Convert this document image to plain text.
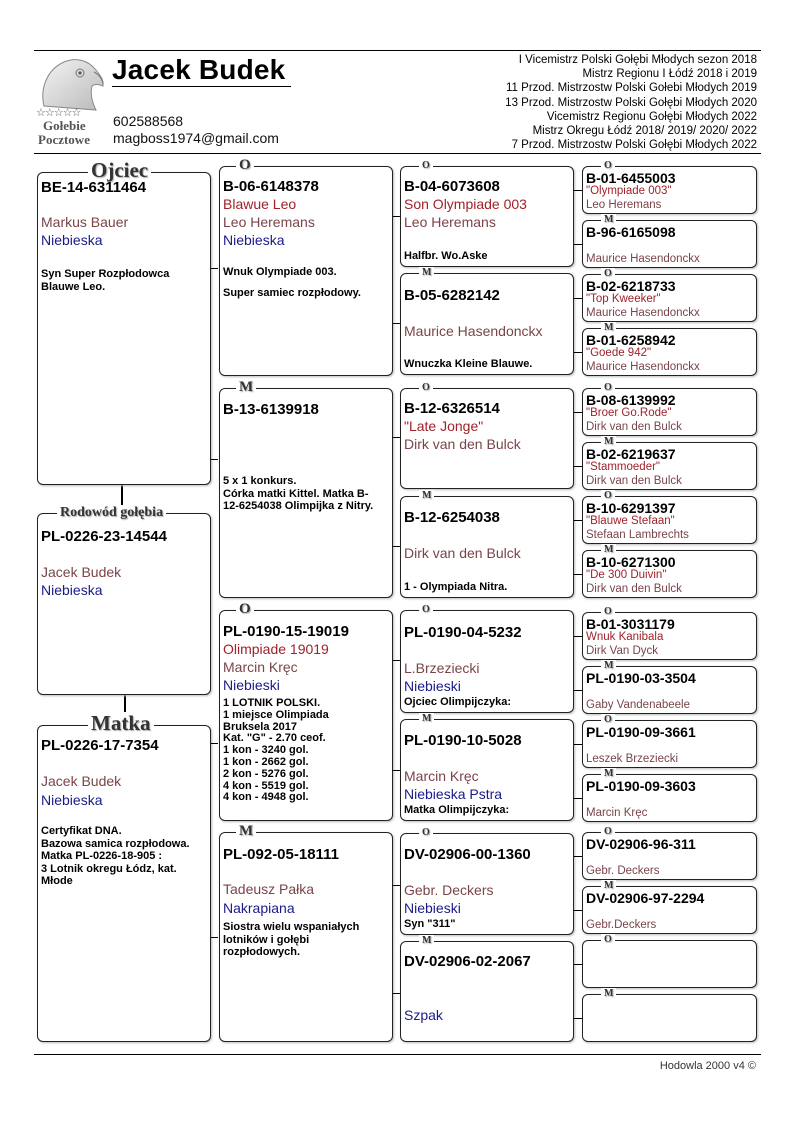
☆☆☆☆☆
Gołebie
Pocztowe
Jacek Budek
602588568
magboss1974@gmail.com
I Vicemistrz Polski Gołębi Młodych sezon 2018
Mistrz Regionu I Łódź 2018 i 2019
11 Przod. Mistrzostw Polski Gołebi Młodych 2019
13 Przod. Mistrzostw Polski Gołębi Młodych 2020
Vicemistrz Regionu Gołębi Młodych 2022
Mistrz Okregu Łódź 2018/ 2019/ 2020/ 2022
7 Przod. Mistrzostw Polski Gołębi Młodych 2022
Ojciec
BE-14-6311464
Markus Bauer
Niebieska
Syn Super Rozpłodowca
Blauwe Leo.
Rodowód gołębia
PL-0226-23-14544
Jacek Budek
Niebieska
Matka
PL-0226-17-7354
Jacek Budek
Niebieska
Certyfikat DNA.
Bazowa samica rozpłodowa.
Matka PL-0226-18-905 :
3 Lotnik okregu Łódz, kat.
Młode
O
B-06-6148378
Blawue Leo
Leo Heremans
Niebieska
Wnuk Olympiade 003.
Super samiec rozpłodowy.
M
B-13-6139918
5 x 1 konkurs.
Córka matki Kittel. Matka B-
12-6254038 Olimpijka z Nitry.
O
PL-0190-15-19019
Olimpiade 19019
Marcin Kręc
Niebieski
1 LOTNIK POLSKI.
1 miejsce Olimpiada
Bruksela 2017
Kat. "G" - 2.70 ceof.
1 kon - 3240 gol.
1 kon - 2662 gol.
2 kon - 5276 gol.
4 kon - 5519 gol.
4 kon - 4948 gol.
M
PL-092-05-18111
Tadeusz Pałka
Nakrapiana
Siostra wielu wspaniałych
lotników i gołębi
rozpłodowych.
O
B-04-6073608
Son Olympiade 003
Leo Heremans
Halfbr. Wo.Aske
M
B-05-6282142
Maurice Hasendonckx
Wnuczka Kleine Blauwe.
O
B-12-6326514
"Late Jonge"
Dirk van den Bulck
M
B-12-6254038
Dirk van den Bulck
1 - Olympiada Nitra.
O
PL-0190-04-5232
L.Brzeziecki
Niebieski
Ojciec Olimpijczyka:
M
PL-0190-10-5028
Marcin Kręc
Niebieska Pstra
Matka Olimpijczyka:
O
DV-02906-00-1360
Gebr. Deckers
Niebieski
Syn "311"
M
DV-02906-02-2067
Szpak
O
B-01-6455003
"Olympiade 003"
Leo Heremans
M
B-96-6165098
Maurice Hasendonckx
O
B-02-6218733
"Top Kweeker"
Maurice Hasendonckx
M
B-01-6258942
"Goede 942"
Maurice Hasendonckx
O
B-08-6139992
"Broer Go.Rode"
Dirk van den Bulck
M
B-02-6219637
"Stammoeder"
Dirk van den Bulck
O
B-10-6291397
"Blauwe Stefaan"
Stefaan Lambrechts
M
B-10-6271300
"De 300 Duivin"
Dirk van den Bulck
O
B-01-3031179
Wnuk Kanibala
Dirk Van Dyck
M
PL-0190-03-3504
Gaby Vandenabeele
O
PL-0190-09-3661
Leszek Brzeziecki
M
PL-0190-09-3603
Marcin Kręc
O
DV-02906-96-311
Gebr. Deckers
M
DV-02906-97-2294
Gebr.Deckers
O
M
Hodowla 2000 v4 ©
